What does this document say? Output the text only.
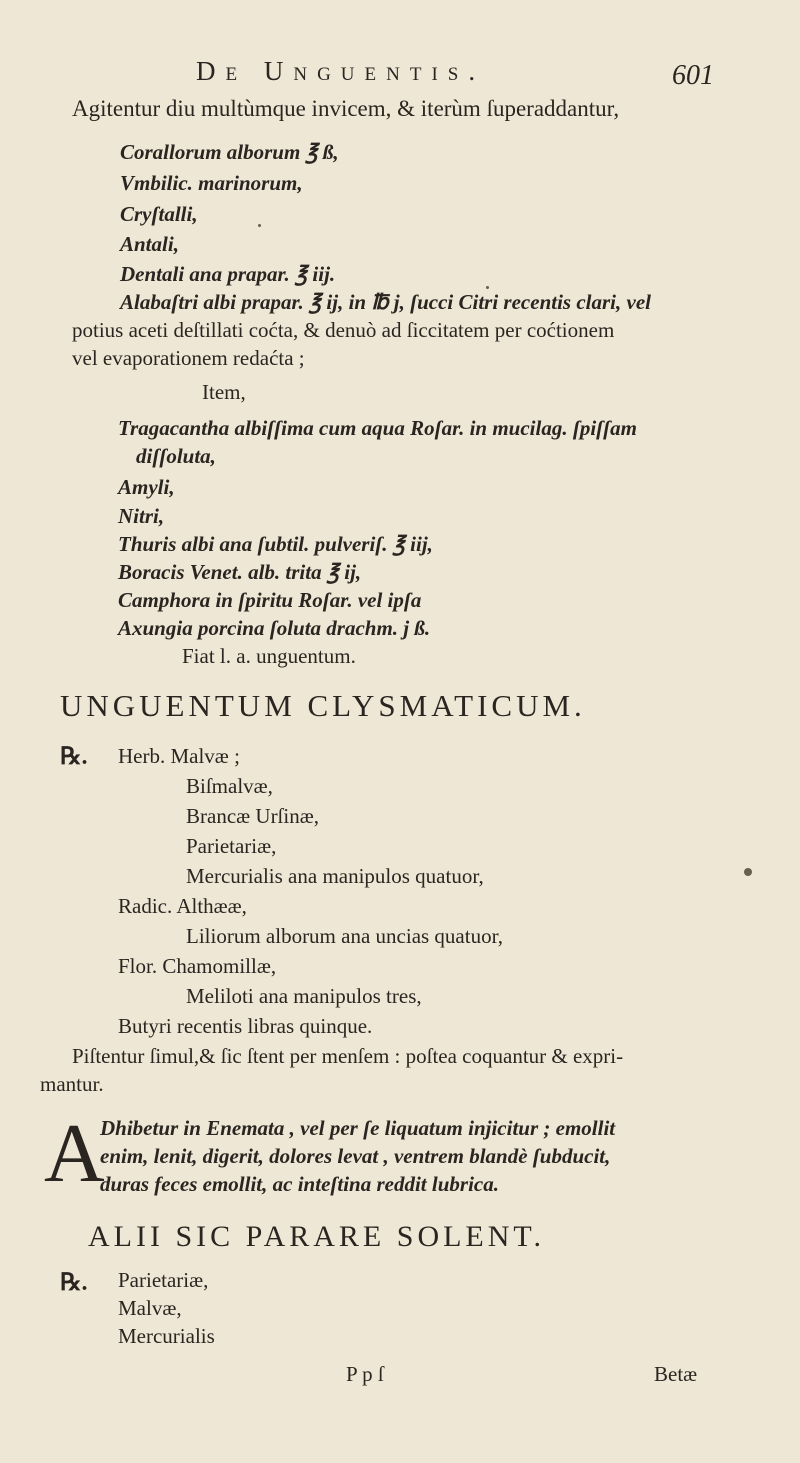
De Unguentis.	601
Agitentur diu multùmque invicem, & iterùm ſuperaddantur,
Corallorum alborum ℥ ß,
Vmbilic. marinorum,
Cryſtalli,
Antali,
Dentali ana prapar. ℥ iij.
Alabaſtri albi prapar. ℥ ij, in ℔ j, ſucci Citri recentis clari, vel
potius aceti deſtillati coćta, & denuò ad ſiccitatem per coćtionem
vel evaporationem redaćta ;
Item,
Tragacantha albiſſima cum aqua Roſar. in mucilag. ſpiſſam
diſſoluta,
Amyli,
Nitri,
Thuris albi ana ſubtil. pulveriſ. ℥ iij,
Boracis Venet. alb. trita ℥ ij,
Camphora in ſpiritu Roſar. vel ipſa
Axungia porcina ſoluta drachm. j ß.
Fiat l. a. unguentum.
UNGUENTUM CLYSMATICUM.
℞. Herb. Malvæ ;
Biſmalvæ,
Brancæ Urſinæ,
Parietariæ,
Mercurialis ana manipulos quatuor,
Radic. Althææ,
Liliorum alborum ana uncias quatuor,
Flor. Chamomillæ,
Meliloti ana manipulos tres,
Butyri recentis libras quinque.
Piſtentur ſimul,& ſic ſtent per menſem : poſtea coquantur & expri-
mantur.
A
Dhibetur in Enemata , vel per ſe liquatum injicitur ; emollit
enim, lenit, digerit, dolores levat , ventrem blandè ſubducit,
duras feces emollit, ac inteſtina reddit lubrica.
ALII SIC PARARE SOLENT.
℞. Parietariæ,
Malvæ,
Mercurialis
P p ſ	Betæ
